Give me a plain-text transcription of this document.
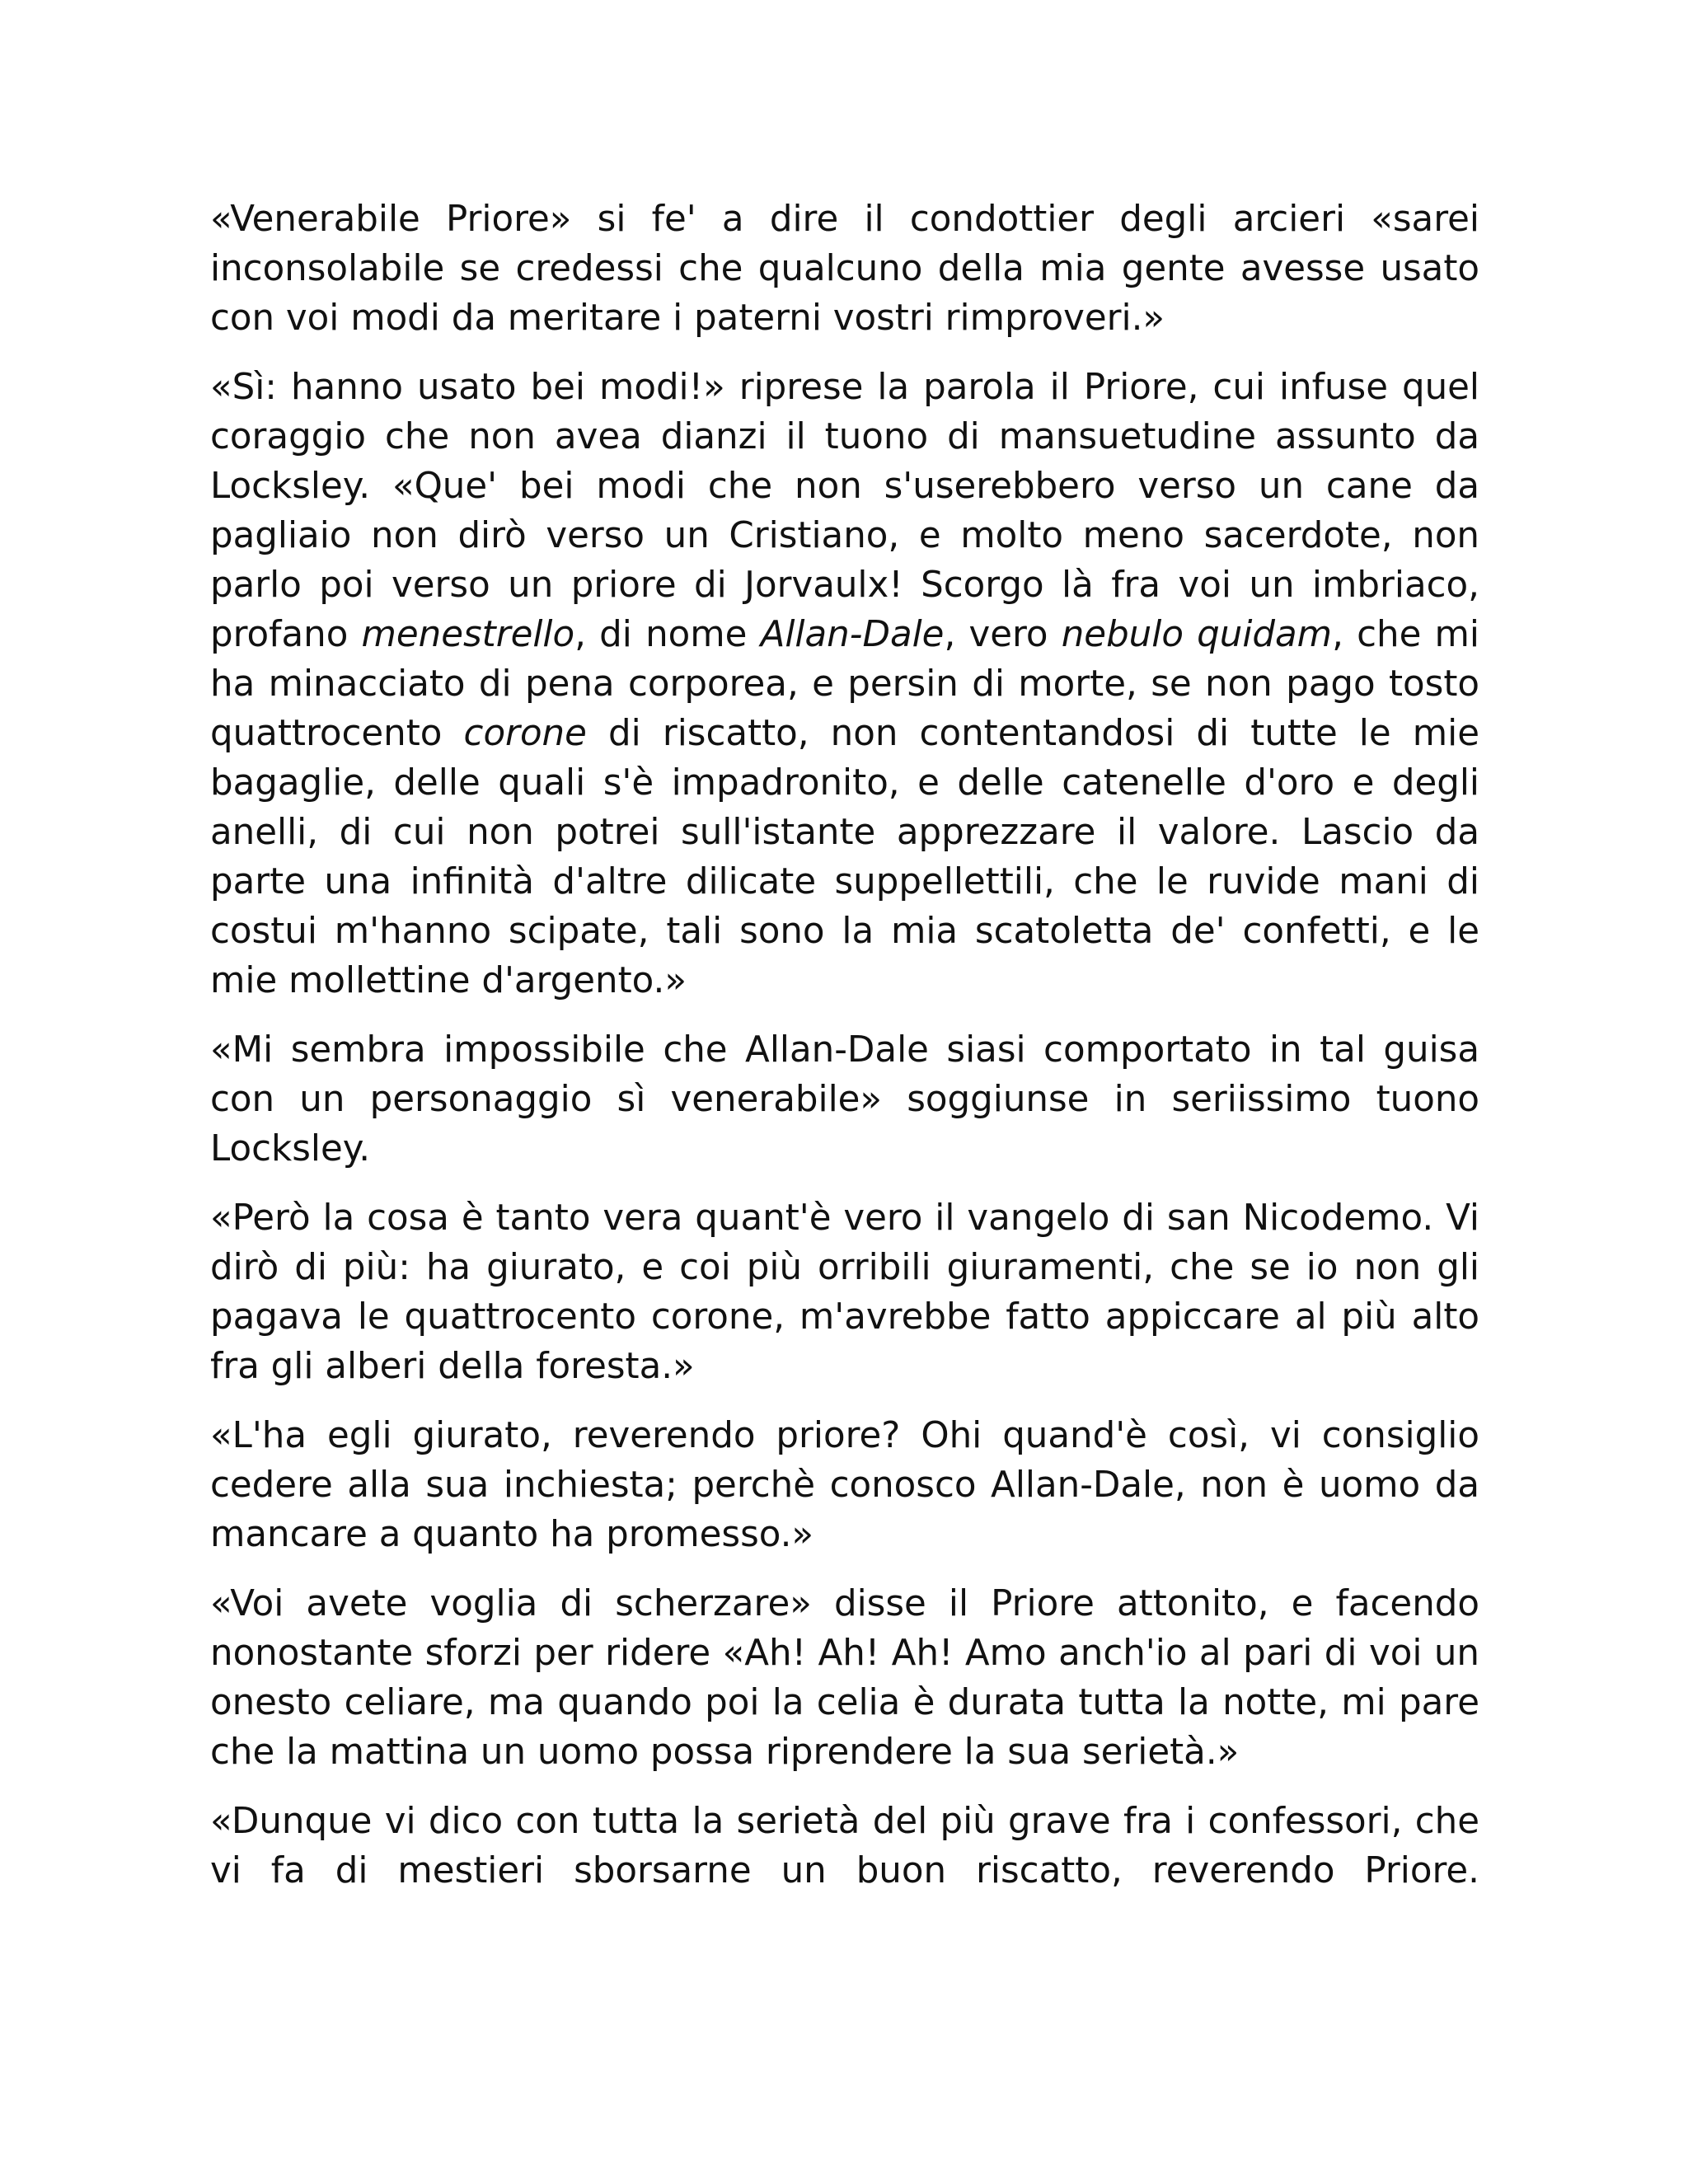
«Venerabile Priore» si fe' a dire il condottier degli arcieri «sarei inconsolabile se credessi che qualcuno della mia gente avesse usato con voi modi da meritare i paterni vostri rimproveri.»

«Sì: hanno usato bei modi!» riprese la parola il Priore, cui infuse quel coraggio che non avea dianzi il tuono di mansuetudine assunto da Locksley. «Que' bei modi che non s'userebbero verso un cane da pagliaio non dirò verso un Cristiano, e molto meno sacerdote, non parlo poi verso un priore di Jorvaulx! Scorgo là fra voi un imbriaco, profano menestrello, di nome Allan-Dale, vero nebulo quidam, che mi ha minacciato di pena corporea, e persin di morte, se non pago tosto quattrocento corone di riscatto, non contentandosi di tutte le mie bagaglie, delle quali s'è impadronito, e delle catenelle d'oro e degli anelli, di cui non potrei sull'istante apprezzare il valore. Lascio da parte una infinità d'altre dilicate suppellettili, che le ruvide mani di costui m'hanno scipate, tali sono la mia scatoletta de' confetti, e le mie mollettine d'argento.»

«Mi sembra impossibile che Allan-Dale siasi comportato in tal guisa con un personaggio sì venerabile» soggiunse in seriissimo tuono Locksley.

«Però la cosa è tanto vera quant'è vero il vangelo di san Nicodemo. Vi dirò di più: ha giurato, e coi più orribili giuramenti, che se io non gli pagava le quattrocento corone, m'avrebbe fatto appiccare al più alto fra gli alberi della foresta.»

«L'ha egli giurato, reverendo priore? Ohi quand'è così, vi consiglio cedere alla sua inchiesta; perchè conosco Allan-Dale, non è uomo da mancare a quanto ha promesso.»

«Voi avete voglia di scherzare» disse il Priore attonito, e facendo nonostante sforzi per ridere «Ah! Ah! Ah! Amo anch'io al pari di voi un onesto celiare, ma quando poi la celia è durata tutta la notte, mi pare che la mattina un uomo possa riprendere la sua serietà.»

«Dunque vi dico con tutta la serietà del più grave fra i confessori, che vi fa di mestieri sborsarne un buon riscatto, reverendo Priore.
